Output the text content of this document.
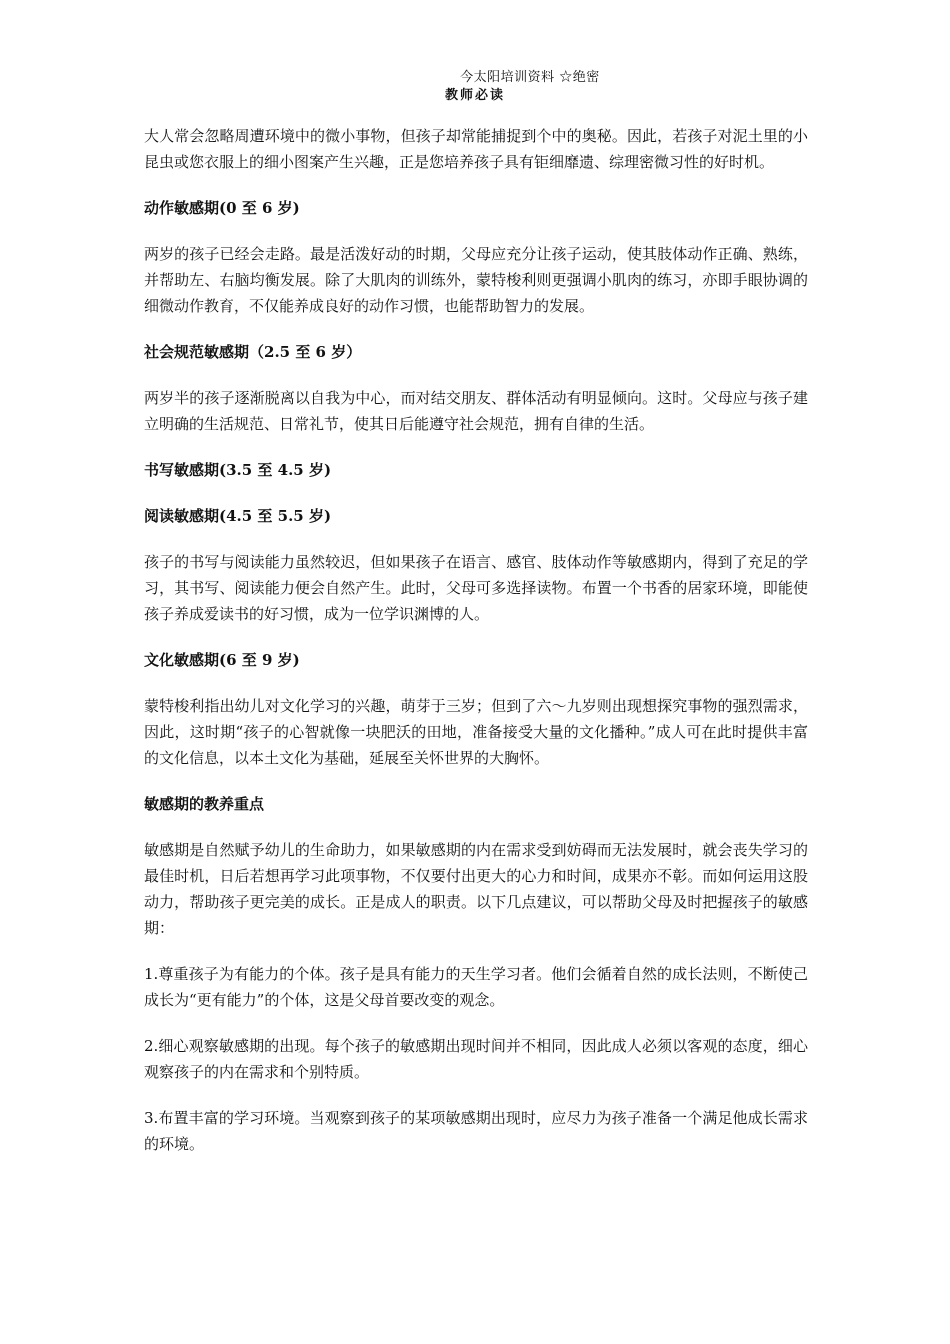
今太阳培训资料 ☆绝密
教师必读
大人常会忽略周遭环境中的微小事物，但孩子却常能捕捉到个中的奥秘。因此，若孩子对泥土里的小昆虫或您衣服上的细小图案产生兴趣，正是您培养孩子具有钜细靡遗、综理密微习性的好时机。
动作敏感期(0 至 6 岁)
两岁的孩子已经会走路。最是活泼好动的时期，父母应充分让孩子运动，使其肢体动作正确、熟练，并帮助左、右脑均衡发展。除了大肌肉的训练外，蒙特梭利则更强调小肌肉的练习，亦即手眼协调的细微动作教育，不仅能养成良好的动作习惯，也能帮助智力的发展。
社会规范敏感期（2.5 至 6 岁）
两岁半的孩子逐渐脱离以自我为中心，而对结交朋友、群体活动有明显倾向。这时。父母应与孩子建立明确的生活规范、日常礼节，使其日后能遵守社会规范，拥有自律的生活。
书写敏感期(3.5 至 4.5 岁)
阅读敏感期(4.5 至 5.5 岁)
孩子的书写与阅读能力虽然较迟，但如果孩子在语言、感官、肢体动作等敏感期内，得到了充足的学习，其书写、阅读能力便会自然产生。此时，父母可多选择读物。布置一个书香的居家环境，即能使孩子养成爱读书的好习惯，成为一位学识渊博的人。
文化敏感期(6 至 9 岁)
蒙特梭利指出幼儿对文化学习的兴趣，萌芽于三岁；但到了六～九岁则出现想探究事物的强烈需求，因此，这时期“孩子的心智就像一块肥沃的田地，准备接受大量的文化播种。”成人可在此时提供丰富的文化信息，以本土文化为基础，延展至关怀世界的大胸怀。
敏感期的教养重点
敏感期是自然赋予幼儿的生命助力，如果敏感期的内在需求受到妨碍而无法发展时，就会丧失学习的最佳时机，日后若想再学习此项事物，不仅要付出更大的心力和时间，成果亦不彰。而如何运用这股动力，帮助孩子更完美的成长。正是成人的职责。以下几点建议，可以帮助父母及时把握孩子的敏感期：
1.尊重孩子为有能力的个体。孩子是具有能力的天生学习者。他们会循着自然的成长法则，不断使己成长为“更有能力”的个体，这是父母首要改变的观念。
2.细心观察敏感期的出现。每个孩子的敏感期出现时间并不相同，因此成人必须以客观的态度，细心观察孩子的内在需求和个别特质。
3.布置丰富的学习环境。当观察到孩子的某项敏感期出现时，应尽力为孩子准备一个满足他成长需求的环境。
